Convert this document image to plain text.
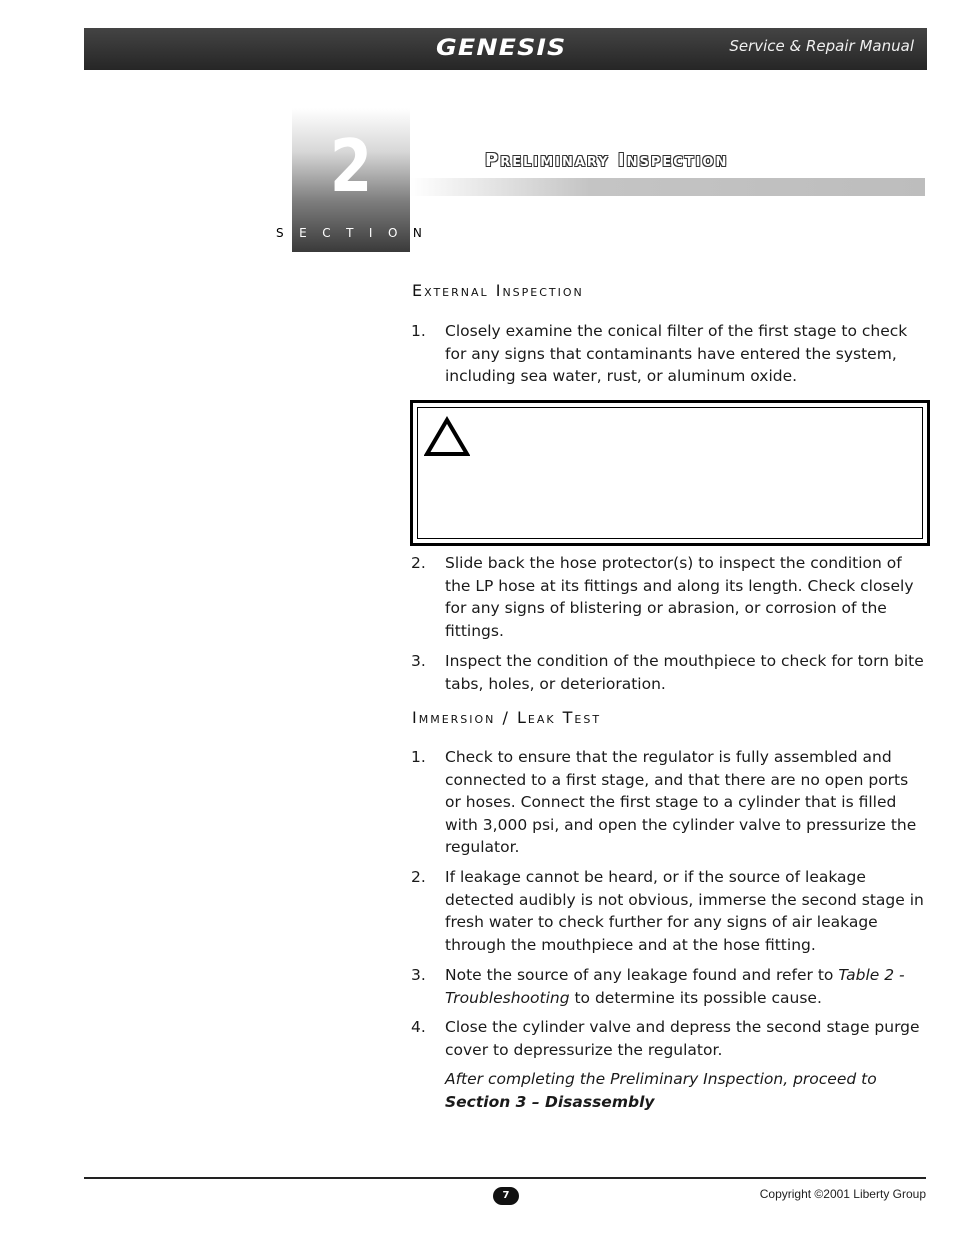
GENESIS	Service & Repair Manual
2
SECTION
Preliminary Inspection
External Inspection
1. Closely examine the conical filter of the first stage to check for any signs that contaminants have entered the system, including sea water, rust, or aluminum oxide.
2. Slide back the hose protector(s) to inspect the condition of the LP hose at its fittings and along its length. Check closely for any signs of blistering or abrasion, or corrosion of the fittings.
3. Inspect the condition of the mouthpiece to check for torn bite tabs, holes, or deterioration.
Immersion / Leak Test
1. Check to ensure that the regulator is fully assembled and connected to a first stage, and that there are no open ports or hoses. Connect the first stage to a cylinder that is filled with 3,000 psi, and open the cylinder valve to pressurize the regulator.
2. If leakage cannot be heard, or if the source of leakage detected audibly is not obvious, immerse the second stage in fresh water to check further for any signs of air leakage through the mouthpiece and at the hose fitting.
3. Note the source of any leakage found and refer to Table 2 - Troubleshooting to determine its possible cause.
4. Close the cylinder valve and depress the second stage purge cover to depressurize the regulator.
After completing the Preliminary Inspection, proceed to
Section 3 – Disassembly
7	Copyright ©2001 Liberty Group
